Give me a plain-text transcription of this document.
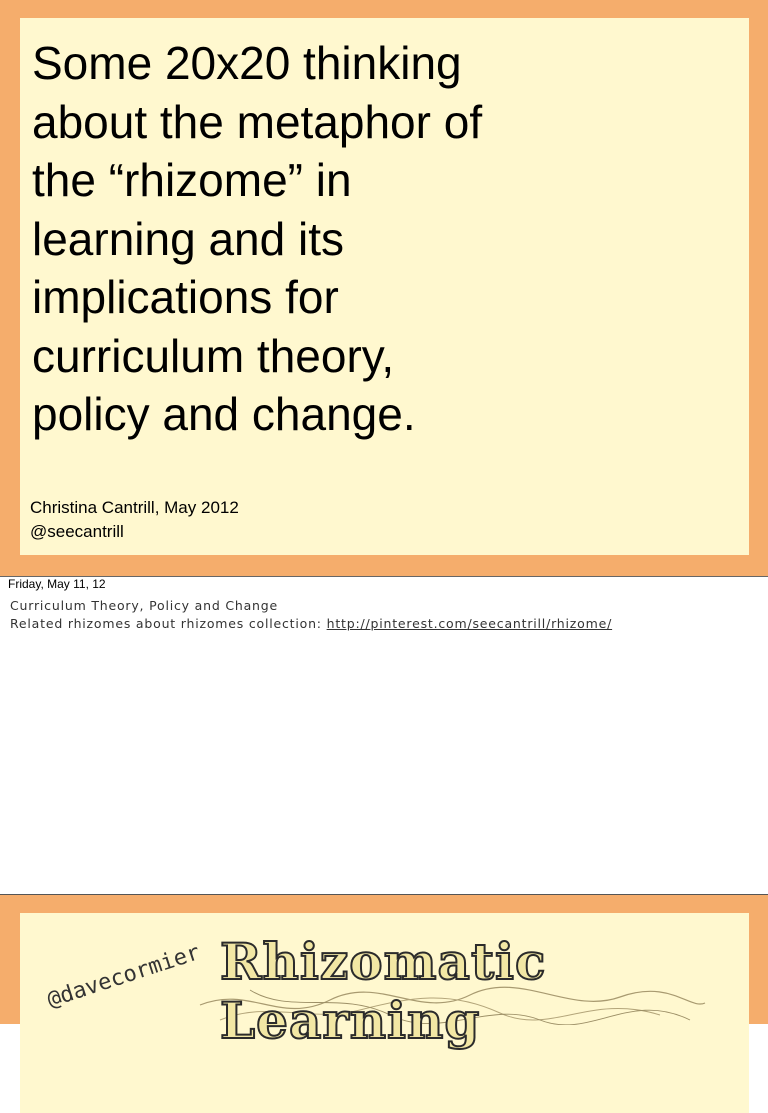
Some 20x20 thinking
about the metaphor of
the “rhizome” in
learning and its
implications for
curriculum theory,
policy and change.
Christina Cantrill, May 2012
@seecantrill
Friday, May 11, 12
Curriculum Theory, Policy and Change
Related rhizomes about rhizomes collection: http://pinterest.com/seecantrill/rhizome/
Rhizomatic Learning
@davecormier
